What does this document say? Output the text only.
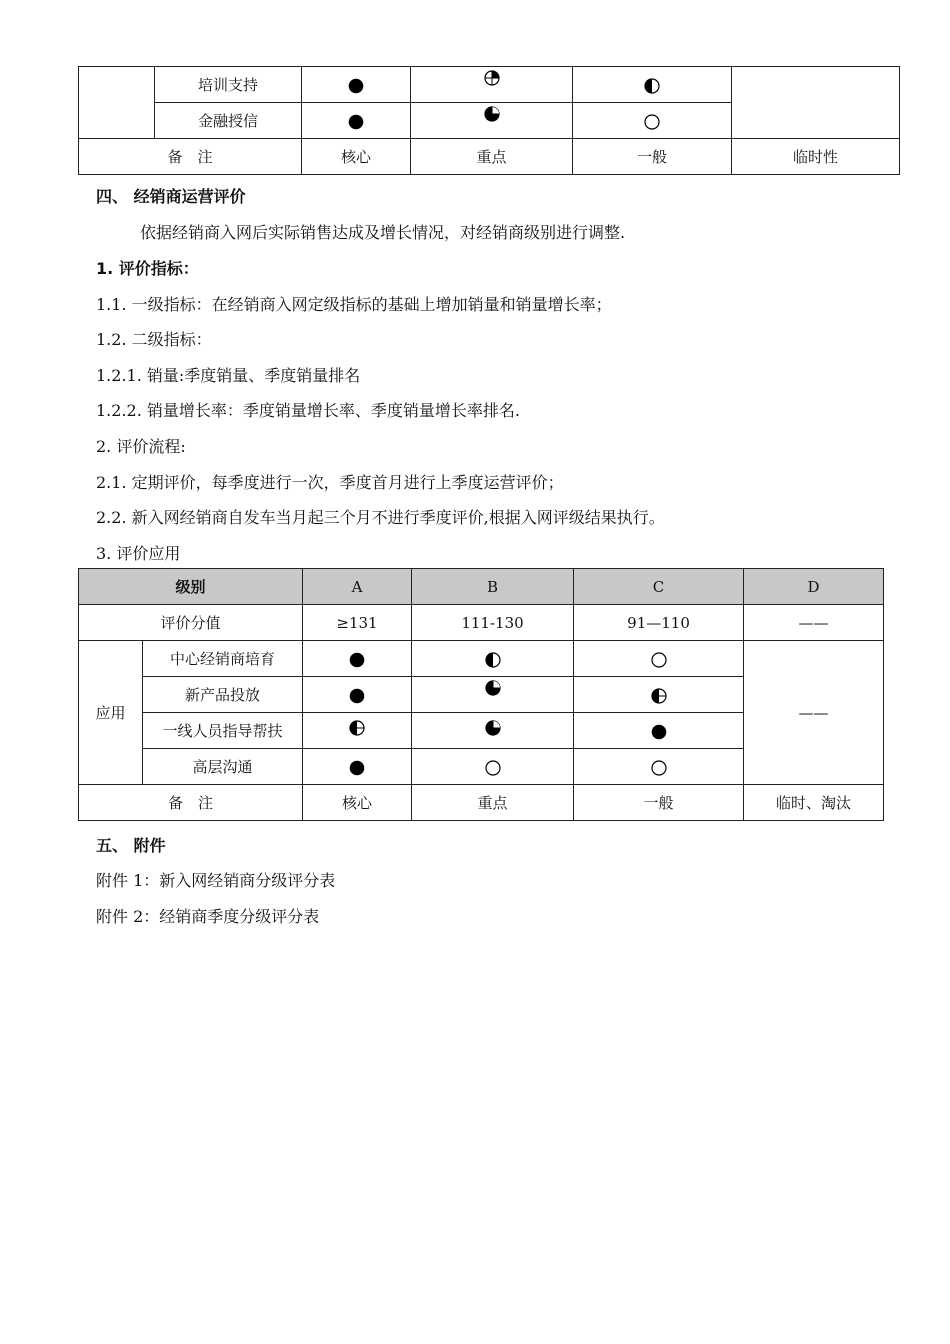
	培训支持				
	金融授信			
备　注		核心	重点	一般	临时性
四、 经销商运营评价
依据经销商入网后实际销售达成及增长情况，对经销商级别进行调整.
1. 评价指标：
1.1. 一级指标：在经销商入网定级指标的基础上增加销量和销量增长率；
1.2. 二级指标：
1.2.1. 销量:季度销量、季度销量排名
1.2.2. 销量增长率：季度销量增长率、季度销量增长率排名.
2. 评价流程:
2.1. 定期评价，每季度进行一次，季度首月进行上季度运营评价；
2.2. 新入网经销商自发车当月起三个月不进行季度评价,根据入网评级结果执行。
3. 评价应用
级别		A	B	C	D
评价分值		≥131	111-130	91—110	——
应用	中心经销商培育				——
	新产品投放			
	一线人员指导帮扶			
	高层沟通			
备　注		核心	重点	一般	临时、淘汰
五、 附件
附件 1：新入网经销商分级评分表
附件 2：经销商季度分级评分表
